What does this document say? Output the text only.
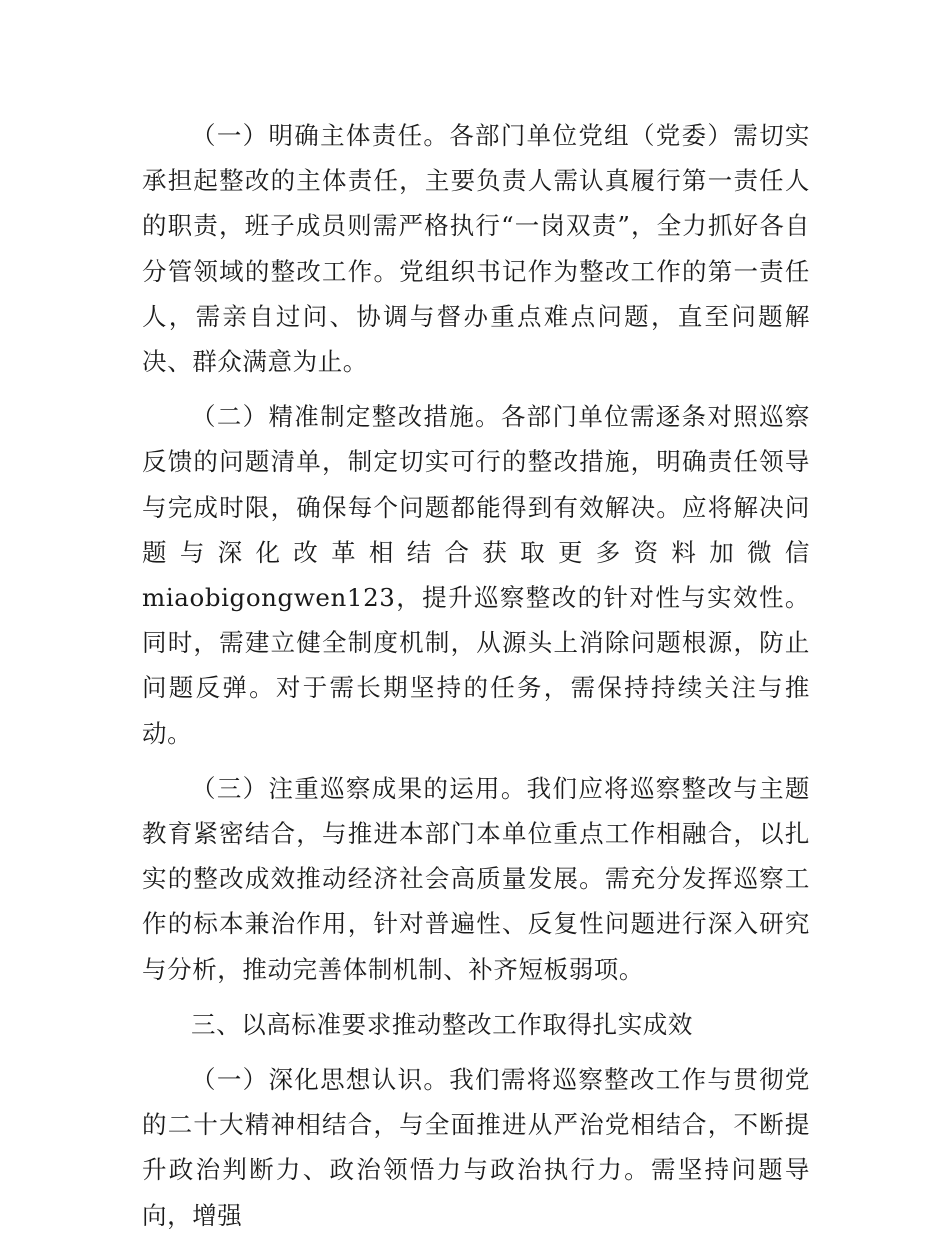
（一）明确主体责任。各部门单位党组（党委）需切实承担起整改的主体责任，主要负责人需认真履行第一责任人的职责，班子成员则需严格执行“一岗双责”，全力抓好各自分管领域的整改工作。党组织书记作为整改工作的第一责任人，需亲自过问、协调与督办重点难点问题，直至问题解决、群众满意为止。

（二）精准制定整改措施。各部门单位需逐条对照巡察反馈的问题清单，制定切实可行的整改措施，明确责任领导与完成时限，确保每个问题都能得到有效解决。应将解决问题与深化改革相结合获取更多资料加微信 miaobigongwen123，提升巡察整改的针对性与实效性。同时，需建立健全制度机制，从源头上消除问题根源，防止问题反弹。对于需长期坚持的任务，需保持持续关注与推动。

（三）注重巡察成果的运用。我们应将巡察整改与主题教育紧密结合，与推进本部门本单位重点工作相融合，以扎实的整改成效推动经济社会高质量发展。需充分发挥巡察工作的标本兼治作用，针对普遍性、反复性问题进行深入研究与分析，推动完善体制机制、补齐短板弱项。

三、以高标准要求推动整改工作取得扎实成效

（一）深化思想认识。我们需将巡察整改工作与贯彻党的二十大精神相结合，与全面推进从严治党相结合，不断提升政治判断力、政治领悟力与政治执行力。需坚持问题导向，增强
